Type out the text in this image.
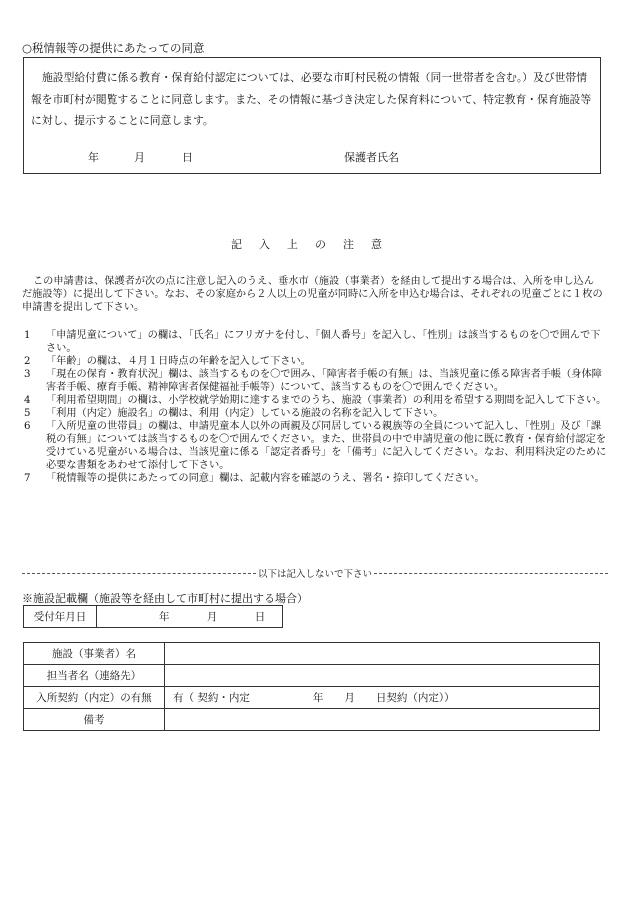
○税情報等の提供にあたっての同意
施設型給付費に係る教育・保育給付認定については、必要な市町村民税の情報（同一世帯者を含む。）及び世帯情報を市町村が閲覧することに同意します。また、その情報に基づき決定した保育料について、特定教育・保育施設等に対し、提示することに同意します。
年	月	日	保護者氏名
記入上の注意
この申請書は、保護者が次の点に注意し記入のうえ、垂水市（施設（事業者）を経由して提出する場合は、入所を申し込んだ施設等）に提出して下さい。なお、その家庭から２人以上の児童が同時に入所を申込む場合は、それぞれの児童ごとに１枚の申請書を提出して下さい。
1 「申請児童について」の欄は、「氏名」にフリガナを付し、「個人番号」を記入し、「性別」は該当するものを〇で囲んで下さい。
2 「年齢」の欄は、４月１日時点の年齢を記入して下さい。
3 「現在の保育・教育状況」欄は、該当するものを〇で囲み、「障害者手帳の有無」は、当該児童に係る障害者手帳（身体障害者手帳、療育手帳、精神障害者保健福祉手帳等）について、該当するものを〇で囲んでください。
4 「利用希望期間」の欄は、小学校就学始期に達するまでのうち、施設（事業者）の利用を希望する期間を記入して下さい。
5 「利用（内定）施設名」の欄は、利用（内定）している施設の名称を記入して下さい。
6 「入所児童の世帯員」の欄は、申請児童本人以外の両親及び同居している親族等の全員について記入し、「性別」及び「課税の有無」については該当するものを〇で囲んでください。また、世帯員の中で申請児童の他に既に教育・保育給付認定を受けている児童がいる場合は、当該児童に係る「認定者番号」を「備考」に記入してください。なお、利用料決定のために必要な書類をあわせて添付して下さい。
7 「税情報等の提供にあたっての同意」欄は、記載内容を確認のうえ、署名・捺印してください。
以下は記入しないで下さい
※施設記載欄（施設等を経由して市町村に提出する場合）
受付年月日	年	月	日
施設（事業者）名	
担当者名（連絡先）	
入所契約（内定）の有無	有（ 契約・内定　　　　　　年　　月　　日契約（内定））
備考	
